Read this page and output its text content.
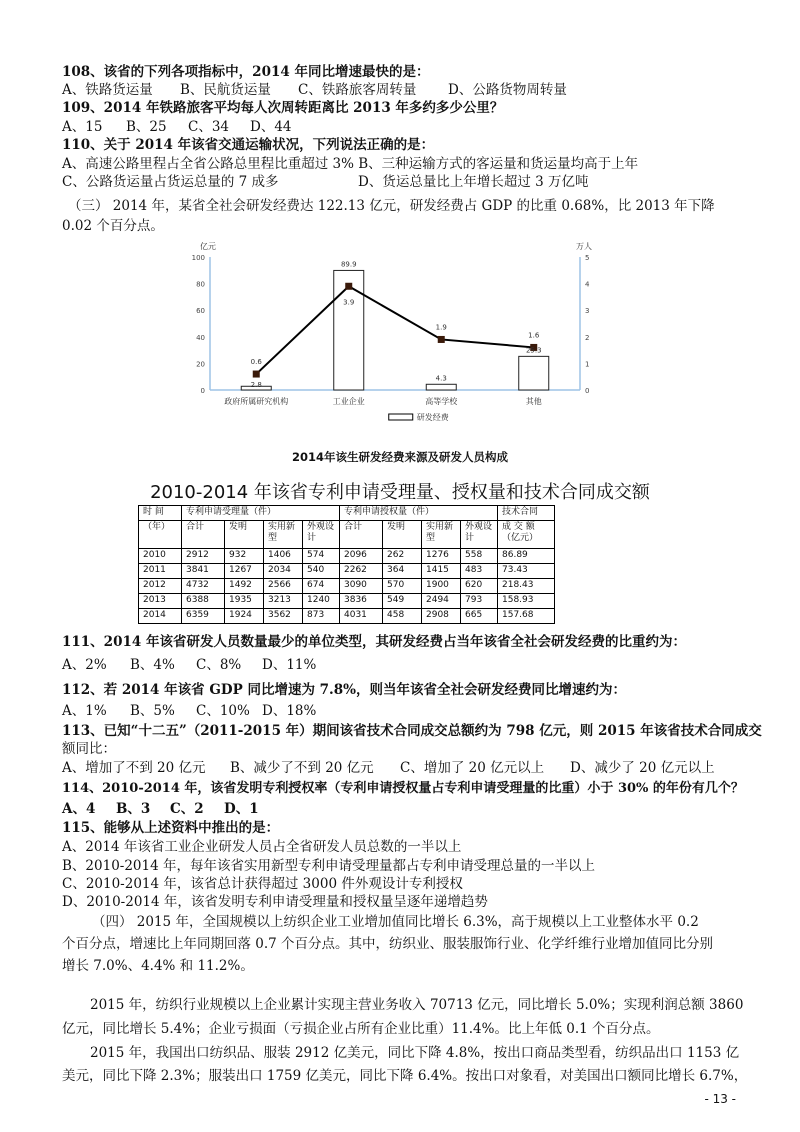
108、该省的下列各项指标中，2014 年同比增速最快的是：
A、铁路货运量 B、民航货运量 C、铁路旅客周转量 D、公路货物周转量
109、2014 年铁路旅客平均每人次周转距离比 2013 年多约多少公里？
A、15 B、25 C、34 D、44
110、关于 2014 年该省交通运输状况，下列说法正确的是：
A、高速公路里程占全省公路总里程比重超过 3% B、三种运输方式的客运量和货运量均高于上年
C、公路货运量占货运总量的 7 成多	D、货运总量比上年增长超过 3 万亿吨
（三） 2014 年，某省全社会研发经费达 122.13 亿元，研发经费占 GDP 的比重 0.68%，比 2013 年下降
0.02 个百分点。
亿元	万人
0
20
40
60
80
100
0
1
2
3
4
5
政府所属研究机构	工业企业	高等学校	其他
研发经费
2.8
89.9
4.3
25.3
0.6
3.9
1.9
1.6
2014年该生研发经费来源及研发人员构成
2010-2014 年该省专利申请受理量、授权量和技术合同成交额
时 间	专利申请受理量（件）				专利申请授权量（件）				技术合同
（年）	合计	发明	实用新型	外观设计	合计	发明	实用新型	外观设计	成 交 额（亿元）
2010	2912	932	1406	574	2096	262	1276	558	86.89
2011	3841	1267	2034	540	2262	364	1415	483	73.43
2012	4732	1492	2566	674	3090	570	1900	620	218.43
2013	6388	1935	3213	1240	3836	549	2494	793	158.93
2014	6359	1924	3562	873	4031	458	2908	665	157.68
111、2014 年该省研发人员数量最少的单位类型，其研发经费占当年该省全社会研发经费的比重约为：
A、2% B、4% C、8% D、11%
112、若 2014 年该省 GDP 同比增速为 7.8%，则当年该省全社会研发经费同比增速约为：
A、1% B、5% C、10% D、18%
113、已知“十二五”（2011-2015 年）期间该省技术合同成交总额约为 798 亿元，则 2015 年该省技术合同成交
额同比：
A、增加了不到 20 亿元 B、减少了不到 20 亿元 C、增加了 20 亿元以上 D、减少了 20 亿元以上
114、2010-2014 年，该省发明专利授权率（专利申请授权量占专利申请受理量的比重）小于 30% 的年份有几个？
A、4 B、3 C、2 D、1
115、能够从上述资料中推出的是：
A、2014 年该省工业企业研发人员占全省研发人员总数的一半以上
B、2010-2014 年，每年该省实用新型专利申请受理量都占专利申请受理总量的一半以上
C、2010-2014 年，该省总计获得超过 3000 件外观设计专利授权
D、2010-2014 年，该省发明专利申请受理量和授权量呈逐年递增趋势
（四） 2015 年，全国规模以上纺织企业工业增加值同比增长 6.3%，高于规模以上工业整体水平 0.2
个百分点，增速比上年同期回落 0.7 个百分点。其中，纺织业、服装服饰行业、化学纤维行业增加值同比分别
增长 7.0%、4.4% 和 11.2%。
2015 年，纺织行业规模以上企业累计实现主营业务收入 70713 亿元，同比增长 5.0%；实现利润总额 3860
亿元，同比增长 5.4%；企业亏损面（亏损企业占所有企业比重）11.4%。比上年低 0.1 个百分点。
2015 年，我国出口纺织品、服装 2912 亿美元，同比下降 4.8%，按出口商品类型看，纺织品出口 1153 亿
美元，同比下降 2.3%；服装出口 1759 亿美元，同比下降 6.4%。按出口对象看，对美国出口额同比增长 6.7%，
- 13 -
